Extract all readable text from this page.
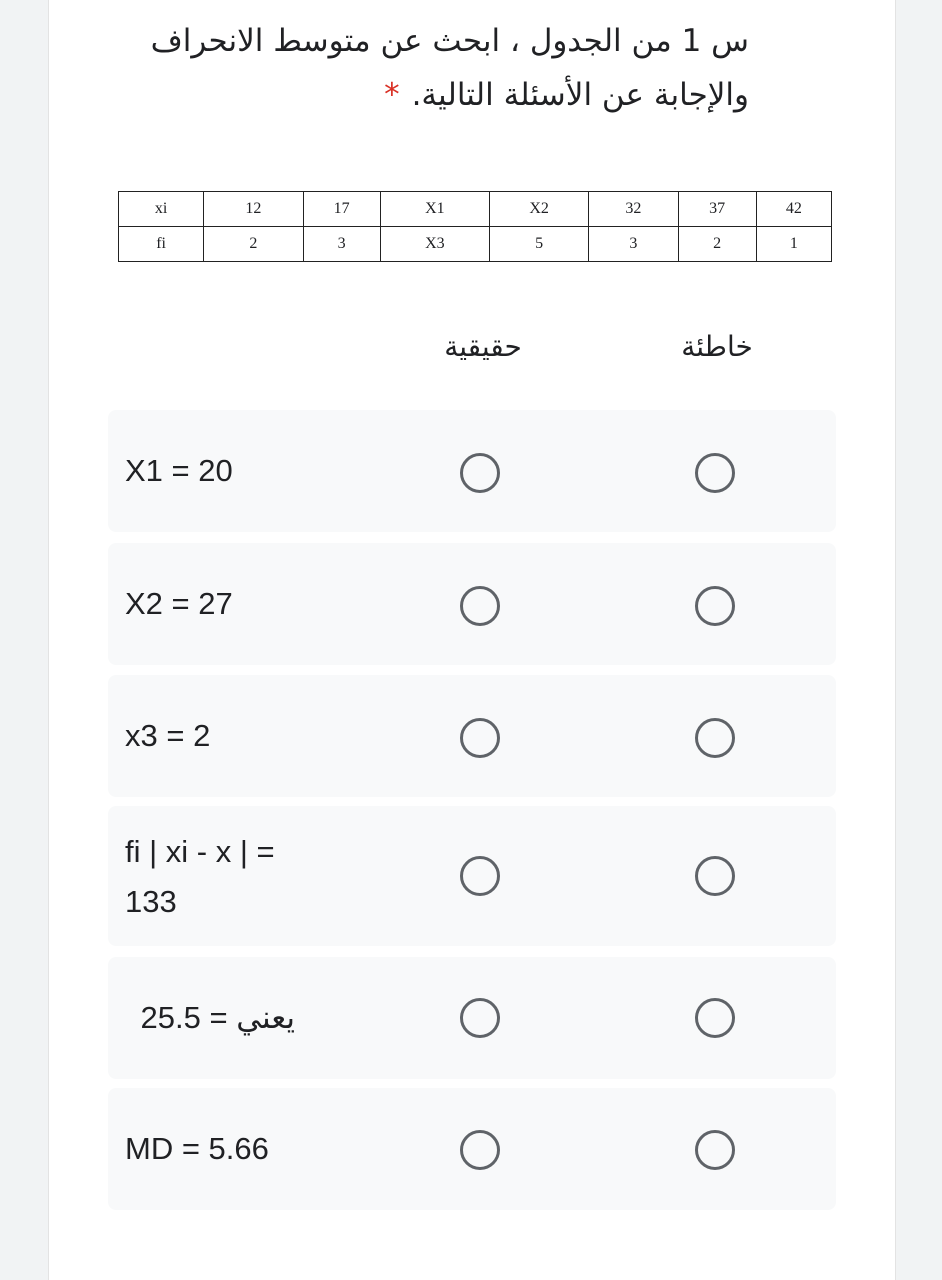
س 1 من الجدول ، ابحث عن متوسط الانحراف والإجابة عن الأسئلة التالية.*
xi	12	17	X1	X2	32	37	42
fi	2	3	X3	5	3	2	1
حقيقية	خاطئة
X1 = 20
X2 = 27
x3 = 2
fi | xi - x | = 133
يعني = 25.5
MD = 5.66
